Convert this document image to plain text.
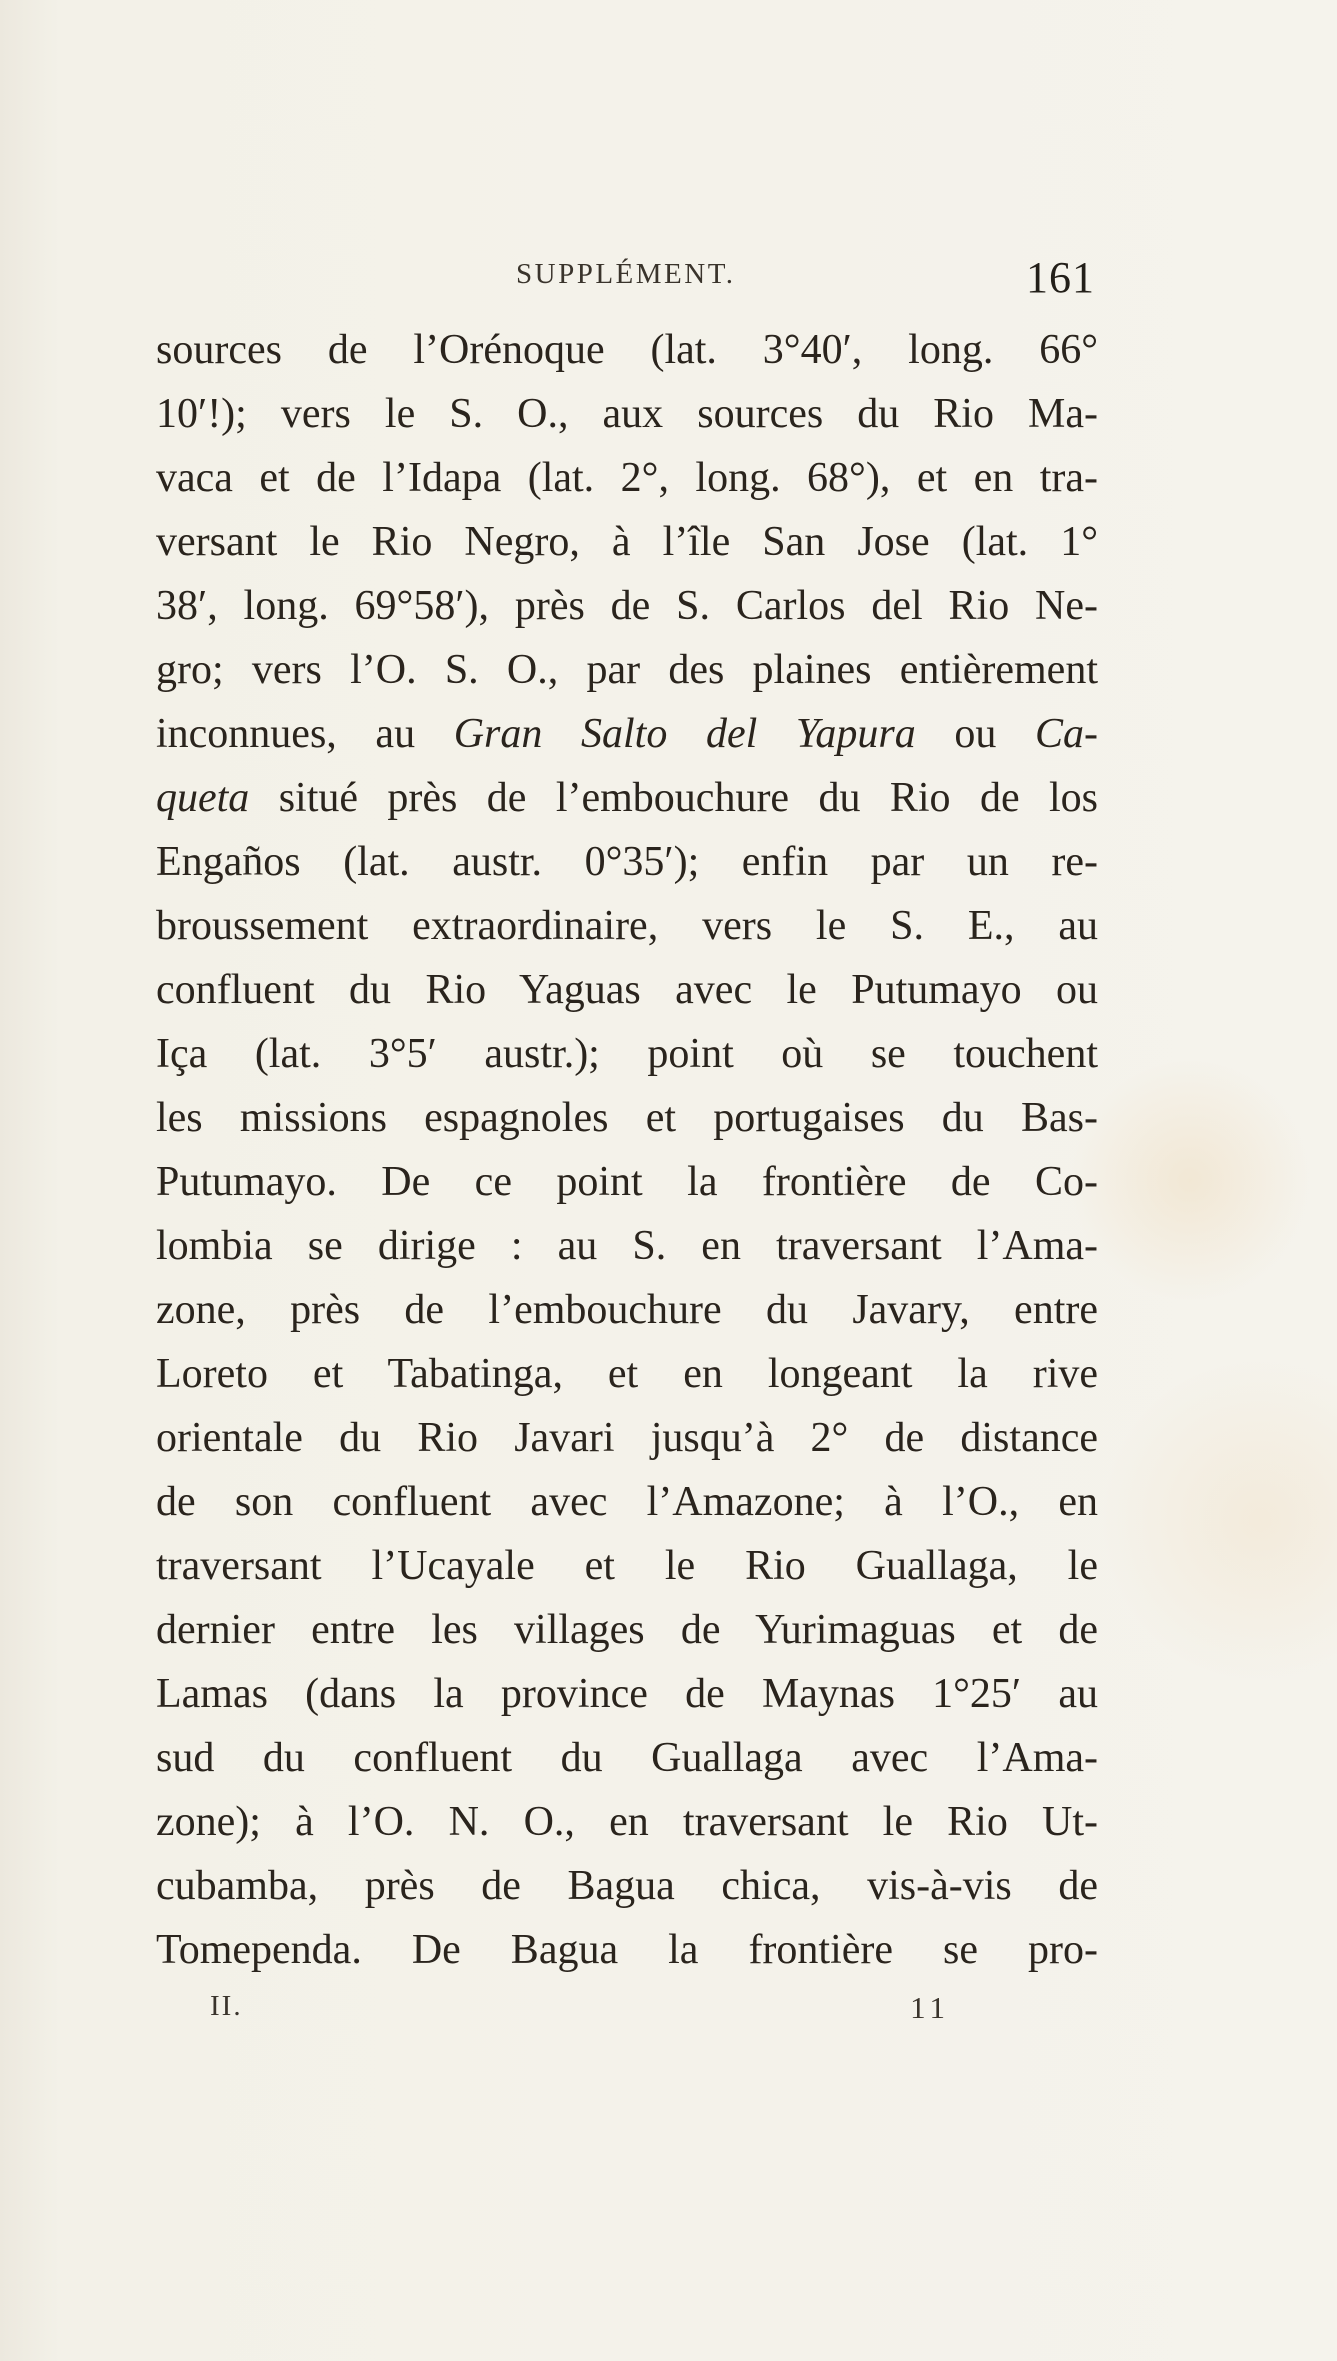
SUPPLÉMENT.	161
sources de l’Orénoque (lat. 3°40′, long. 66°
10′!); vers le S. O., aux sources du Rio Ma-
vaca et de l’Idapa (lat. 2°, long. 68°), et en tra-
versant le Rio Negro, à l’île San Jose (lat. 1°
38′, long. 69°58′), près de S. Carlos del Rio Ne-
gro; vers l’O. S. O., par des plaines entièrement
inconnues, au Gran Salto del Yapura ou Ca-
queta situé près de l’embouchure du Rio de los
Engaños (lat. austr. 0°35′); enfin par un re-
broussement extraordinaire, vers le S. E., au
confluent du Rio Yaguas avec le Putumayo ou
Içа (lat. 3°5′ austr.); point où se touchent
les missions espagnoles et portugaises du Bas-
Putumayo. De ce point la frontière de Co-
lombia se dirige : au S. en traversant l’Ama-
zone, près de l’embouchure du Javary, entre
Loreto et Tabatinga, et en longeant la rive
orientale du Rio Javari jusqu’à 2° de distance
de son confluent avec l’Amazone; à l’O., en
traversant l’Ucayale et le Rio Guallaga, le
dernier entre les villages de Yurimaguas et de
Lamas (dans la province de Maynas 1°25′ au
sud du confluent du Guallaga avec l’Ama-
zone); à l’O. N. O., en traversant le Rio Ut-
cubamba, près de Bagua chica, vis-à-vis de
Tomependa. De Bagua la frontière se pro-
II.	11
